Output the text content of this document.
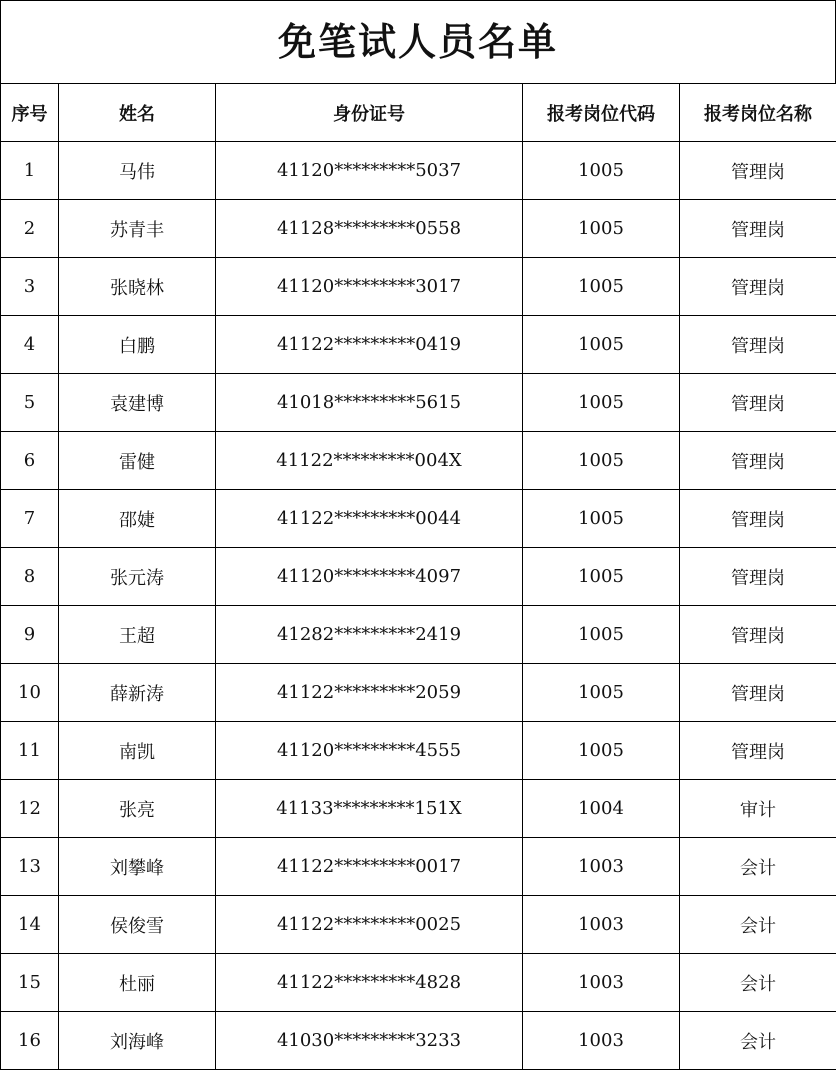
免笔试人员名单
序号	姓名	身份证号	报考岗位代码	报考岗位名称
1	马伟	41120*********5037	1005	管理岗
2	苏青丰	41128*********0558	1005	管理岗
3	张晓林	41120*********3017	1005	管理岗
4	白鹏	41122*********0419	1005	管理岗
5	袁建博	41018*********5615	1005	管理岗
6	雷健	41122*********004X	1005	管理岗
7	邵婕	41122*********0044	1005	管理岗
8	张元涛	41120*********4097	1005	管理岗
9	王超	41282*********2419	1005	管理岗
10	薛新涛	41122*********2059	1005	管理岗
11	南凯	41120*********4555	1005	管理岗
12	张亮	41133*********151X	1004	审计
13	刘攀峰	41122*********0017	1003	会计
14	侯俊雪	41122*********0025	1003	会计
15	杜丽	41122*********4828	1003	会计
16	刘海峰	41030*********3233	1003	会计
